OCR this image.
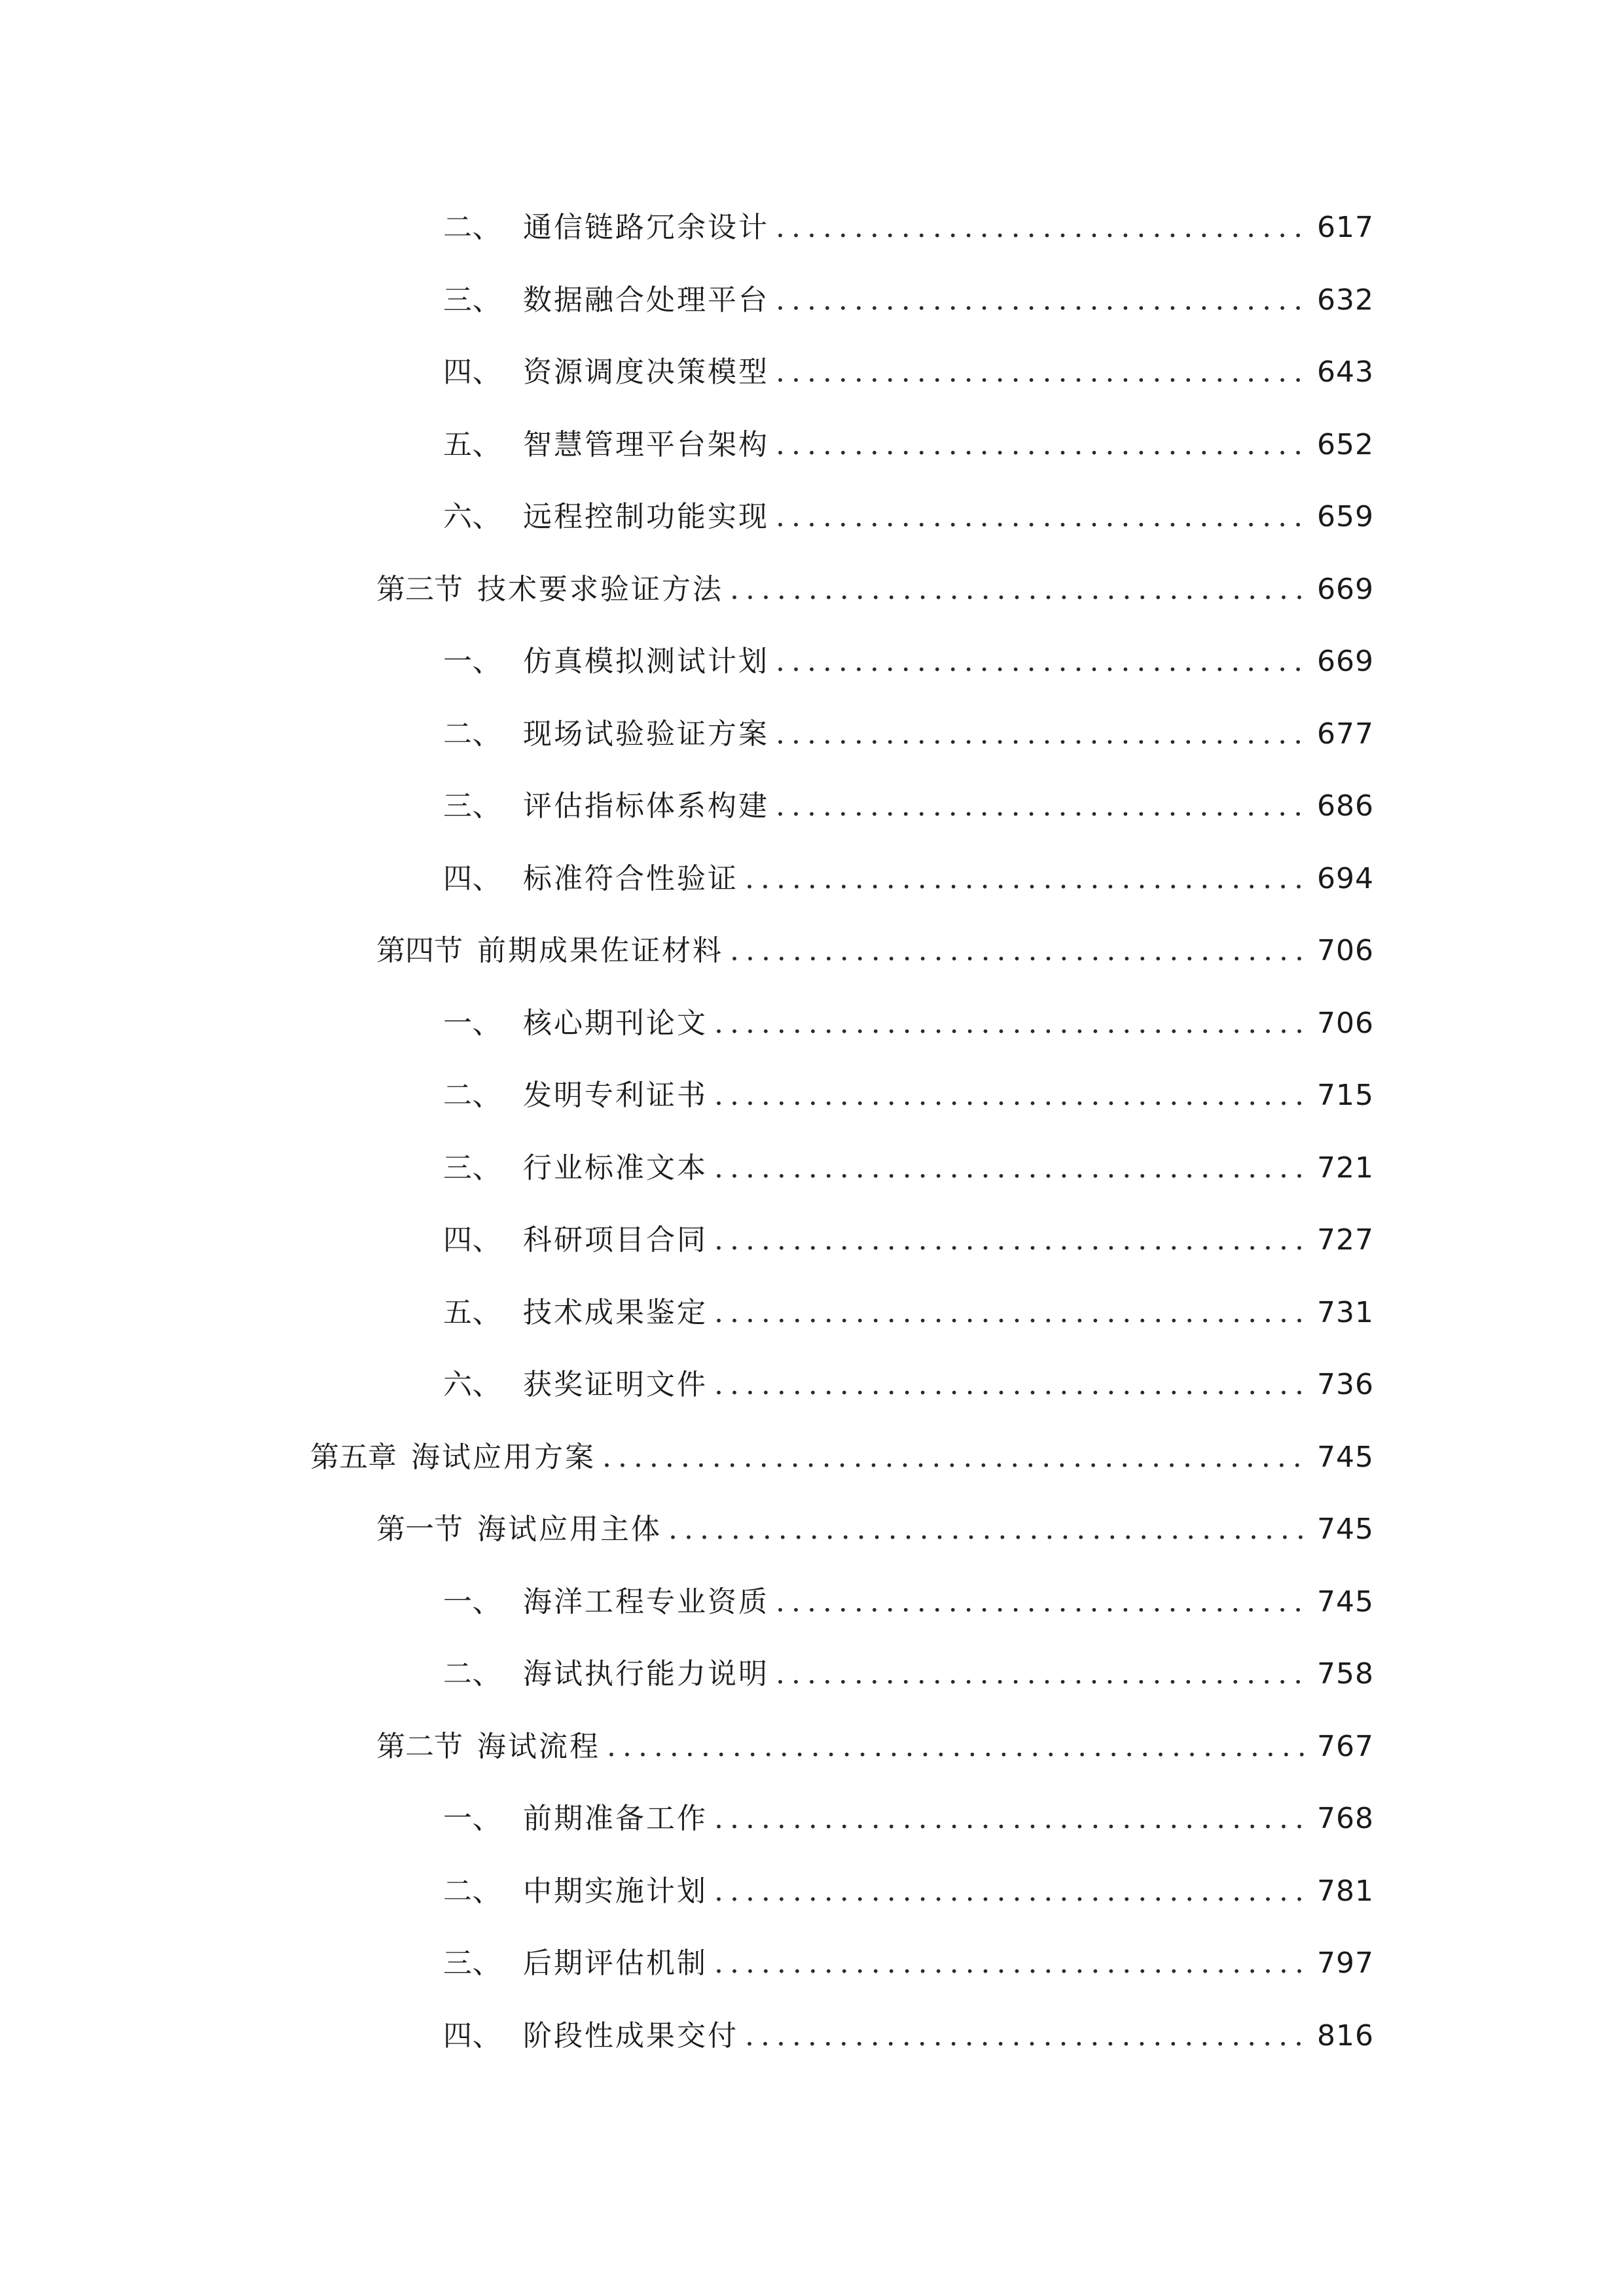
二、 通信链路冗余设计 . . .	617
三、 数据融合处理平台 . . .	632
四、 资源调度决策模型 . . .	643
五、 智慧管理平台架构 . . .	652
六、 远程控制功能实现 . . .	659
第三节 技术要求验证方法 . . .	669
一、 仿真模拟测试计划 . . .	669
二、 现场试验验证方案 . . .	677
三、 评估指标体系构建 . . .	686
四、 标准符合性验证 . . .	694
第四节 前期成果佐证材料 . . .	706
一、 核心期刊论文 . . .	706
二、 发明专利证书 . . .	715
三、 行业标准文本 . . .	721
四、 科研项目合同 . . .	727
五、 技术成果鉴定 . . .	731
六、 获奖证明文件 . . .	736
第五章 海试应用方案 . . .	745
第一节 海试应用主体 . . .	745
一、 海洋工程专业资质 . . .	745
二、 海试执行能力说明 . . .	758
第二节 海试流程 . . .	767
一、 前期准备工作 . . .	768
二、 中期实施计划 . . .	781
三、 后期评估机制 . . .	797
四、 阶段性成果交付 . . .	816
